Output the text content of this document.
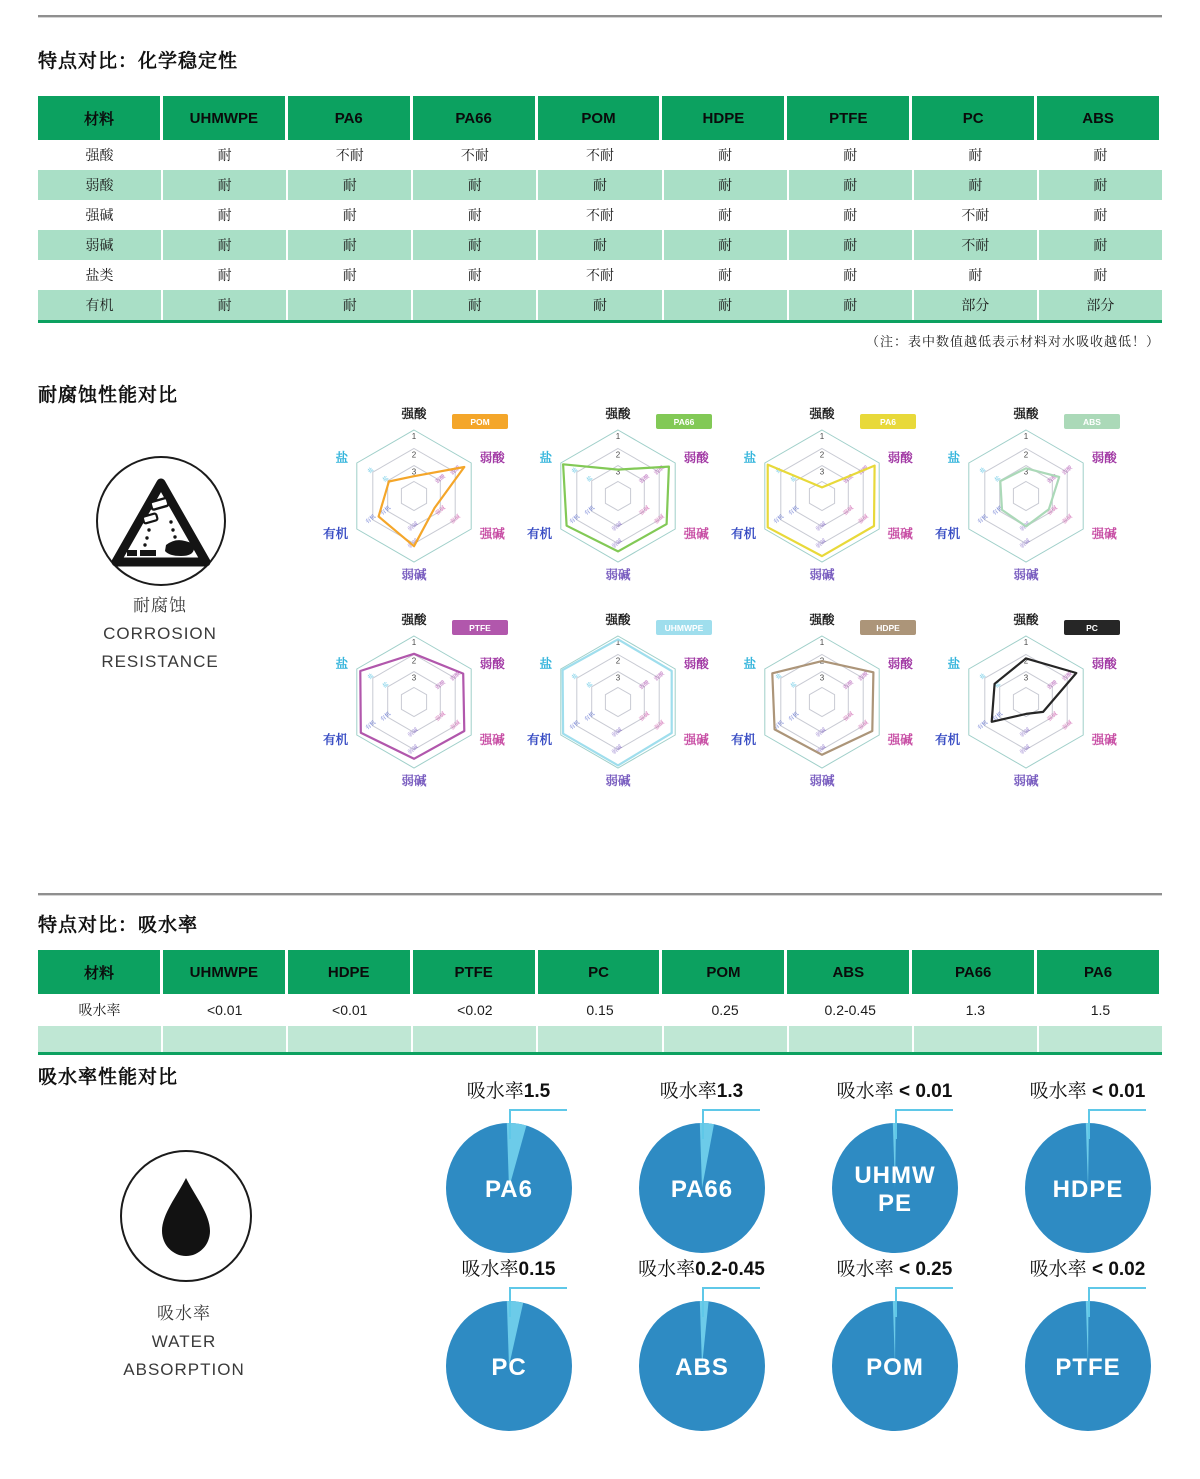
特点对比：化学稳定性
材料	UHMWPE	PA6	PA66	POM	HDPE	PTFE	PC	ABS
强酸	耐	不耐	不耐	不耐	耐	耐	耐	耐
弱酸	耐	耐	耐	耐	耐	耐	耐	耐
强碱	耐	耐	耐	不耐	耐	耐	不耐	耐
弱碱	耐	耐	耐	耐	耐	耐	不耐	耐
盐类	耐	耐	耐	不耐	耐	耐	耐	耐
有机	耐	耐	耐	耐	耐	耐	部分	部分
（注：表中数值越低表示材料对水吸收越低！）
耐腐蚀性能对比
耐腐蚀
CORROSION
RESISTANCE
1
2
3
强酸
弱酸
强碱
弱碱
有机
盐
弱酸
弱酸
强碱
强碱
弱碱
弱碱
有机
有机
盐
盐
POM
1
2
3
强酸
弱酸
强碱
弱碱
有机
盐
弱酸
弱酸
强碱
强碱
弱碱
弱碱
有机
有机
盐
盐
PA66
1
2
3
强酸
弱酸
强碱
弱碱
有机
盐
弱酸
弱酸
强碱
强碱
弱碱
弱碱
有机
有机
盐
盐
PA6
1
2
3
强酸
弱酸
强碱
弱碱
有机
盐
弱酸
弱酸
强碱
强碱
弱碱
弱碱
有机
有机
盐
盐
ABS
1
2
3
强酸
弱酸
强碱
弱碱
有机
盐
弱酸
弱酸
强碱
强碱
弱碱
弱碱
有机
有机
盐
盐
PTFE
1
2
3
强酸
弱酸
强碱
弱碱
有机
盐
弱酸
弱酸
强碱
强碱
弱碱
弱碱
有机
有机
盐
盐
UHMWPE
1
2
3
强酸
弱酸
强碱
弱碱
有机
盐
弱酸
弱酸
强碱
强碱
弱碱
弱碱
有机
有机
盐
盐
HDPE
1
2
3
强酸
弱酸
强碱
弱碱
有机
盐
弱酸
弱酸
强碱
强碱
弱碱
弱碱
有机
有机
盐
盐
PC
特点对比：吸水率
材料	UHMWPE	HDPE	PTFE	PC	POM	ABS	PA66	PA6
吸水率	<0.01	<0.01	<0.02	0.15	0.25	0.2-0.45	1.3	1.5
吸水率性能对比
吸水率
WATER
ABSORPTION
吸水率1.5
PA6
吸水率1.3
PA66
吸水率 < 0.01
UHMW PE
吸水率 < 0.01
HDPE
吸水率0.15
PC
吸水率0.2-0.45
ABS
吸水率 < 0.25
POM
吸水率 < 0.02
PTFE
